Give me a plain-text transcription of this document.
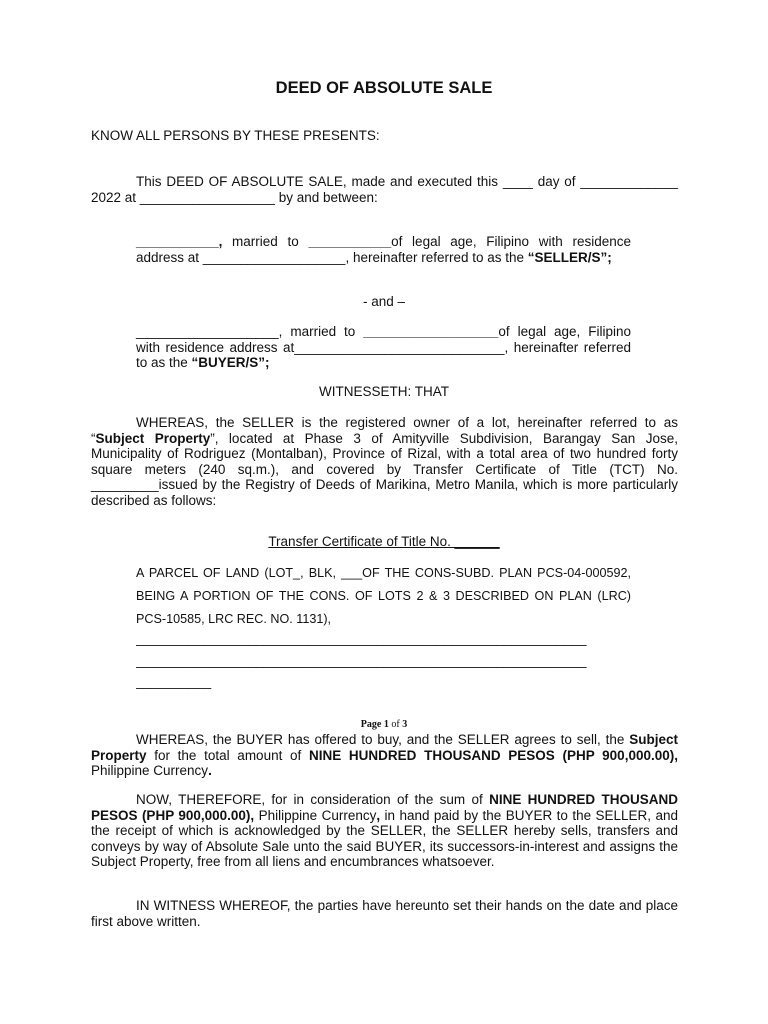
DEED OF ABSOLUTE SALE

KNOW ALL PERSONS BY THESE PRESENTS:

This DEED OF ABSOLUTE SALE, made and executed this ____ day of _____________ 2022 at __________________ by and between:

___________, married to ___________of legal age, Filipino with residence address at ___________________, hereinafter referred to as the “SELLER/S”;

- and –

___________________, married to __________________of legal age, Filipino with residence address at____________________________, hereinafter referred to as the “BUYER/S”;

WITNESSETH: THAT

WHEREAS, the SELLER is the registered owner of a lot, hereinafter referred to as “Subject Property”, located at Phase 3 of Amityville Subdivision, Barangay San Jose, Municipality of Rodriguez (Montalban), Province of Rizal, with a total area of two hundred forty square meters (240 sq.m.), and covered by Transfer Certificate of Title (TCT) No. _________issued by the Registry of Deeds of Marikina, Metro Manila, which is more particularly described as follows:

Transfer Certificate of Title No. ______

A PARCEL OF LAND (LOT_, BLK, ___OF THE CONS-SUBD. PLAN PCS-04-000592, BEING A PORTION OF THE CONS. OF LOTS 2 & 3 DESCRIBED ON PLAN (LRC) PCS-10585, LRC REC. NO. 1131),

____________________________________________________________

____________________________________________________________

__________

Page 1 of 3

WHEREAS, the BUYER has offered to buy, and the SELLER agrees to sell, the Subject Property for the total amount of NINE HUNDRED THOUSAND PESOS (PHP 900,000.00), Philippine Currency.

NOW, THEREFORE, for in consideration of the sum of NINE HUNDRED THOUSAND PESOS (PHP 900,000.00), Philippine Currency, in hand paid by the BUYER to the SELLER, and the receipt of which is acknowledged by the SELLER, the SELLER hereby sells, transfers and conveys by way of Absolute Sale unto the said BUYER, its successors-in-interest and assigns the Subject Property, free from all liens and encumbrances whatsoever.

IN WITNESS WHEREOF, the parties have hereunto set their hands on the date and place first above written.
